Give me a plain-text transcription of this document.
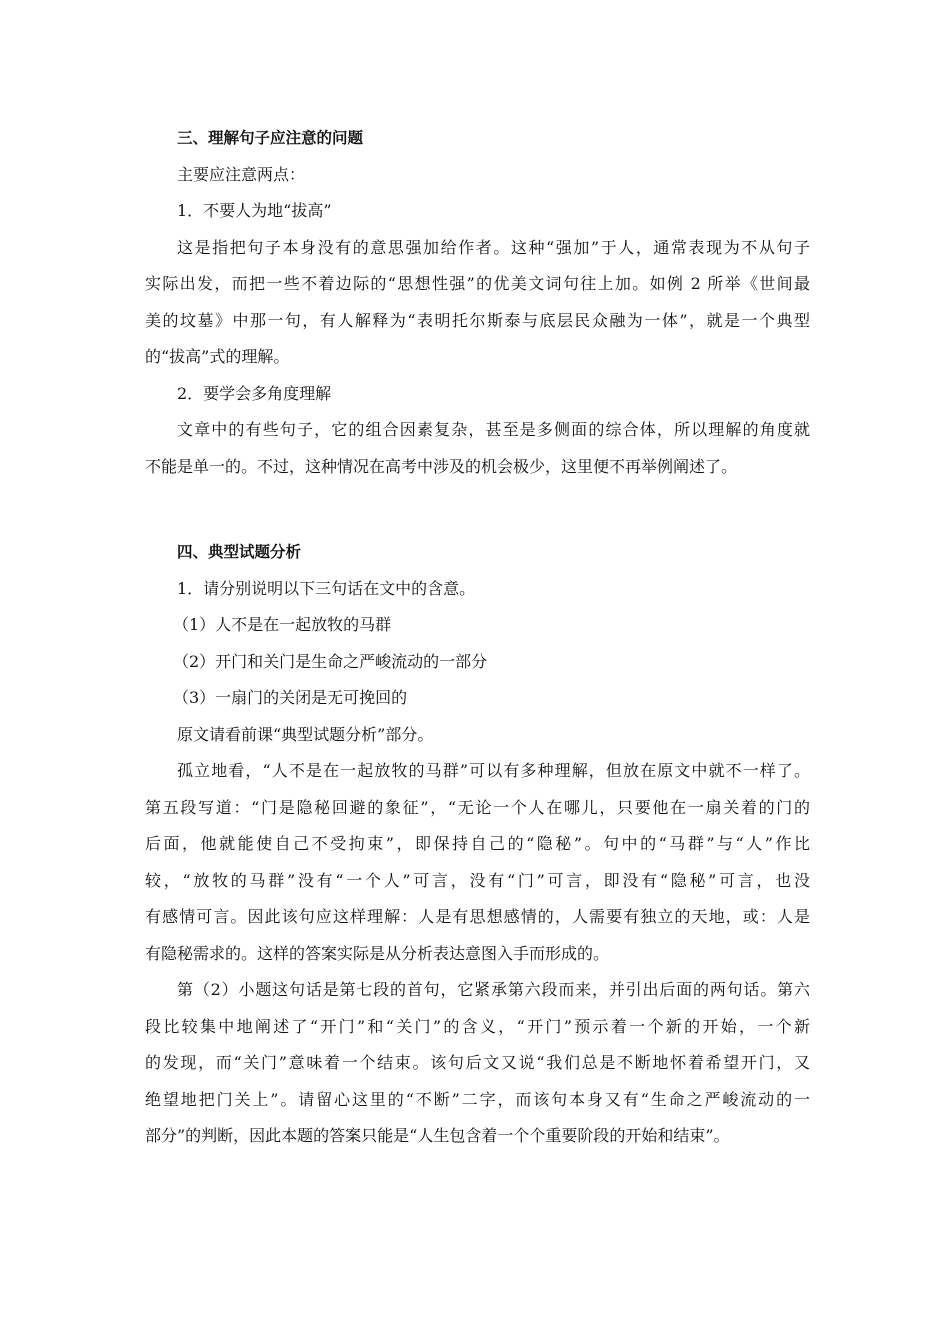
三、理解句子应注意的问题
主要应注意两点：
1．不要人为地“拔高”
这是指把句子本身没有的意思强加给作者。这种“强加”于人，通常表现为不从句子
实际出发，而把一些不着边际的“思想性强”的优美文词句往上加。如例 2 所举《世间最
美的坟墓》中那一句，有人解释为“表明托尔斯泰与底层民众融为一体”，就是一个典型
的“拔高”式的理解。
2．要学会多角度理解
文章中的有些句子，它的组合因素复杂，甚至是多侧面的综合体，所以理解的角度就
不能是单一的。不过，这种情况在高考中涉及的机会极少，这里便不再举例阐述了。
四、典型试题分析
1．请分别说明以下三句话在文中的含意。
（1）人不是在一起放牧的马群
（2）开门和关门是生命之严峻流动的一部分
（3）一扇门的关闭是无可挽回的
原文请看前课“典型试题分析”部分。
孤立地看，“人不是在一起放牧的马群”可以有多种理解，但放在原文中就不一样了。
第五段写道：“门是隐秘回避的象征”，“无论一个人在哪儿，只要他在一扇关着的门的
后面，他就能使自己不受拘束”，即保持自己的“隐秘”。句中的“马群”与“人”作比
较，“放牧的马群”没有“一个人”可言，没有“门”可言，即没有“隐秘”可言，也没
有感情可言。因此该句应这样理解：人是有思想感情的，人需要有独立的天地，或：人是
有隐秘需求的。这样的答案实际是从分析表达意图入手而形成的。
第（2）小题这句话是第七段的首句，它紧承第六段而来，并引出后面的两句话。第六
段比较集中地阐述了“开门”和“关门”的含义，“开门”预示着一个新的开始，一个新
的发现，而“关门”意味着一个结束。该句后文又说“我们总是不断地怀着希望开门，又
绝望地把门关上”。请留心这里的“不断”二字，而该句本身又有“生命之严峻流动的一
部分”的判断，因此本题的答案只能是“人生包含着一个个重要阶段的开始和结束”。
